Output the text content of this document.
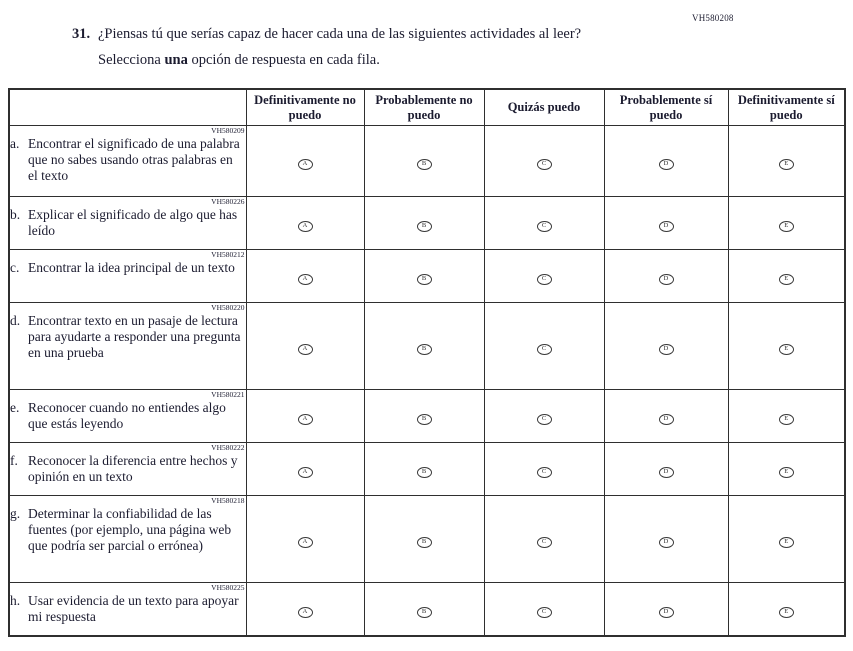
VH580208
31. ¿Piensas tú que serías capaz de hacer cada una de las siguientes actividades al leer?
Selecciona una opción de respuesta en cada fila.
	Definitivamente no puedo	Probablemente no puedo	Quizás puedo	Probablemente sí puedo	Definitivamente sí puedo

VH580209
a. Encontrar el significado de una palabra que no sabes usando otras palabras en el texto	A	B	C	D	E

VH580226
b. Explicar el significado de algo que has leído	A	B	C	D	E

VH580212
c. Encontrar la idea principal de un texto	A	B	C	D	E

VH580220
d. Encontrar texto en un pasaje de lectura para ayudarte a responder una pregunta en una prueba	A	B	C	D	E

VH580221
e. Reconocer cuando no entiendes algo que estás leyendo	A	B	C	D	E

VH580222
f. Reconocer la diferencia entre hechos y opinión en un texto	A	B	C	D	E

VH580218
g. Determinar la confiabilidad de las fuentes (por ejemplo, una página web que podría ser parcial o errónea)	A	B	C	D	E

VH580225
h. Usar evidencia de un texto para apoyar mi respuesta	A	B	C	D	E
